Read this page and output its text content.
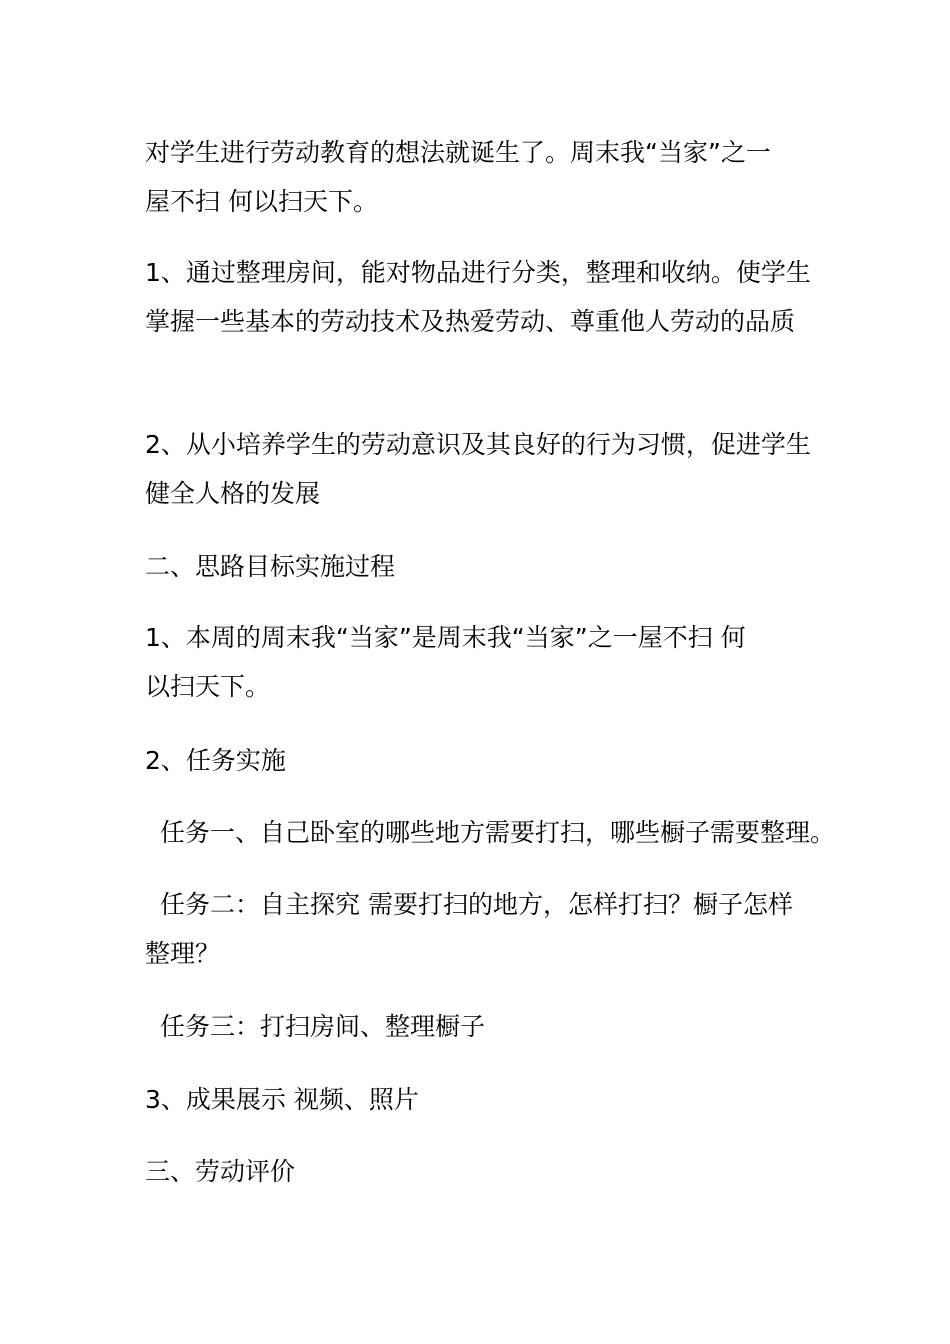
对学生进行劳动教育的想法就诞生了。周末我“当家”之一
屋不扫 何以扫天下。

1、通过整理房间，能对物品进行分类，整理和收纳。使学生
掌握一些基本的劳动技术及热爱劳动、尊重他人劳动的品质

2、从小培养学生的劳动意识及其良好的行为习惯，促进学生
健全人格的发展

二、思路目标实施过程

1、本周的周末我“当家”是周末我“当家”之一屋不扫 何
以扫天下。

2、任务实施

任务一、自己卧室的哪些地方需要打扫，哪些橱子需要整理。

任务二：自主探究 需要打扫的地方，怎样打扫？橱子怎样
整理？

任务三：打扫房间、整理橱子

3、成果展示 视频、照片

三、劳动评价
